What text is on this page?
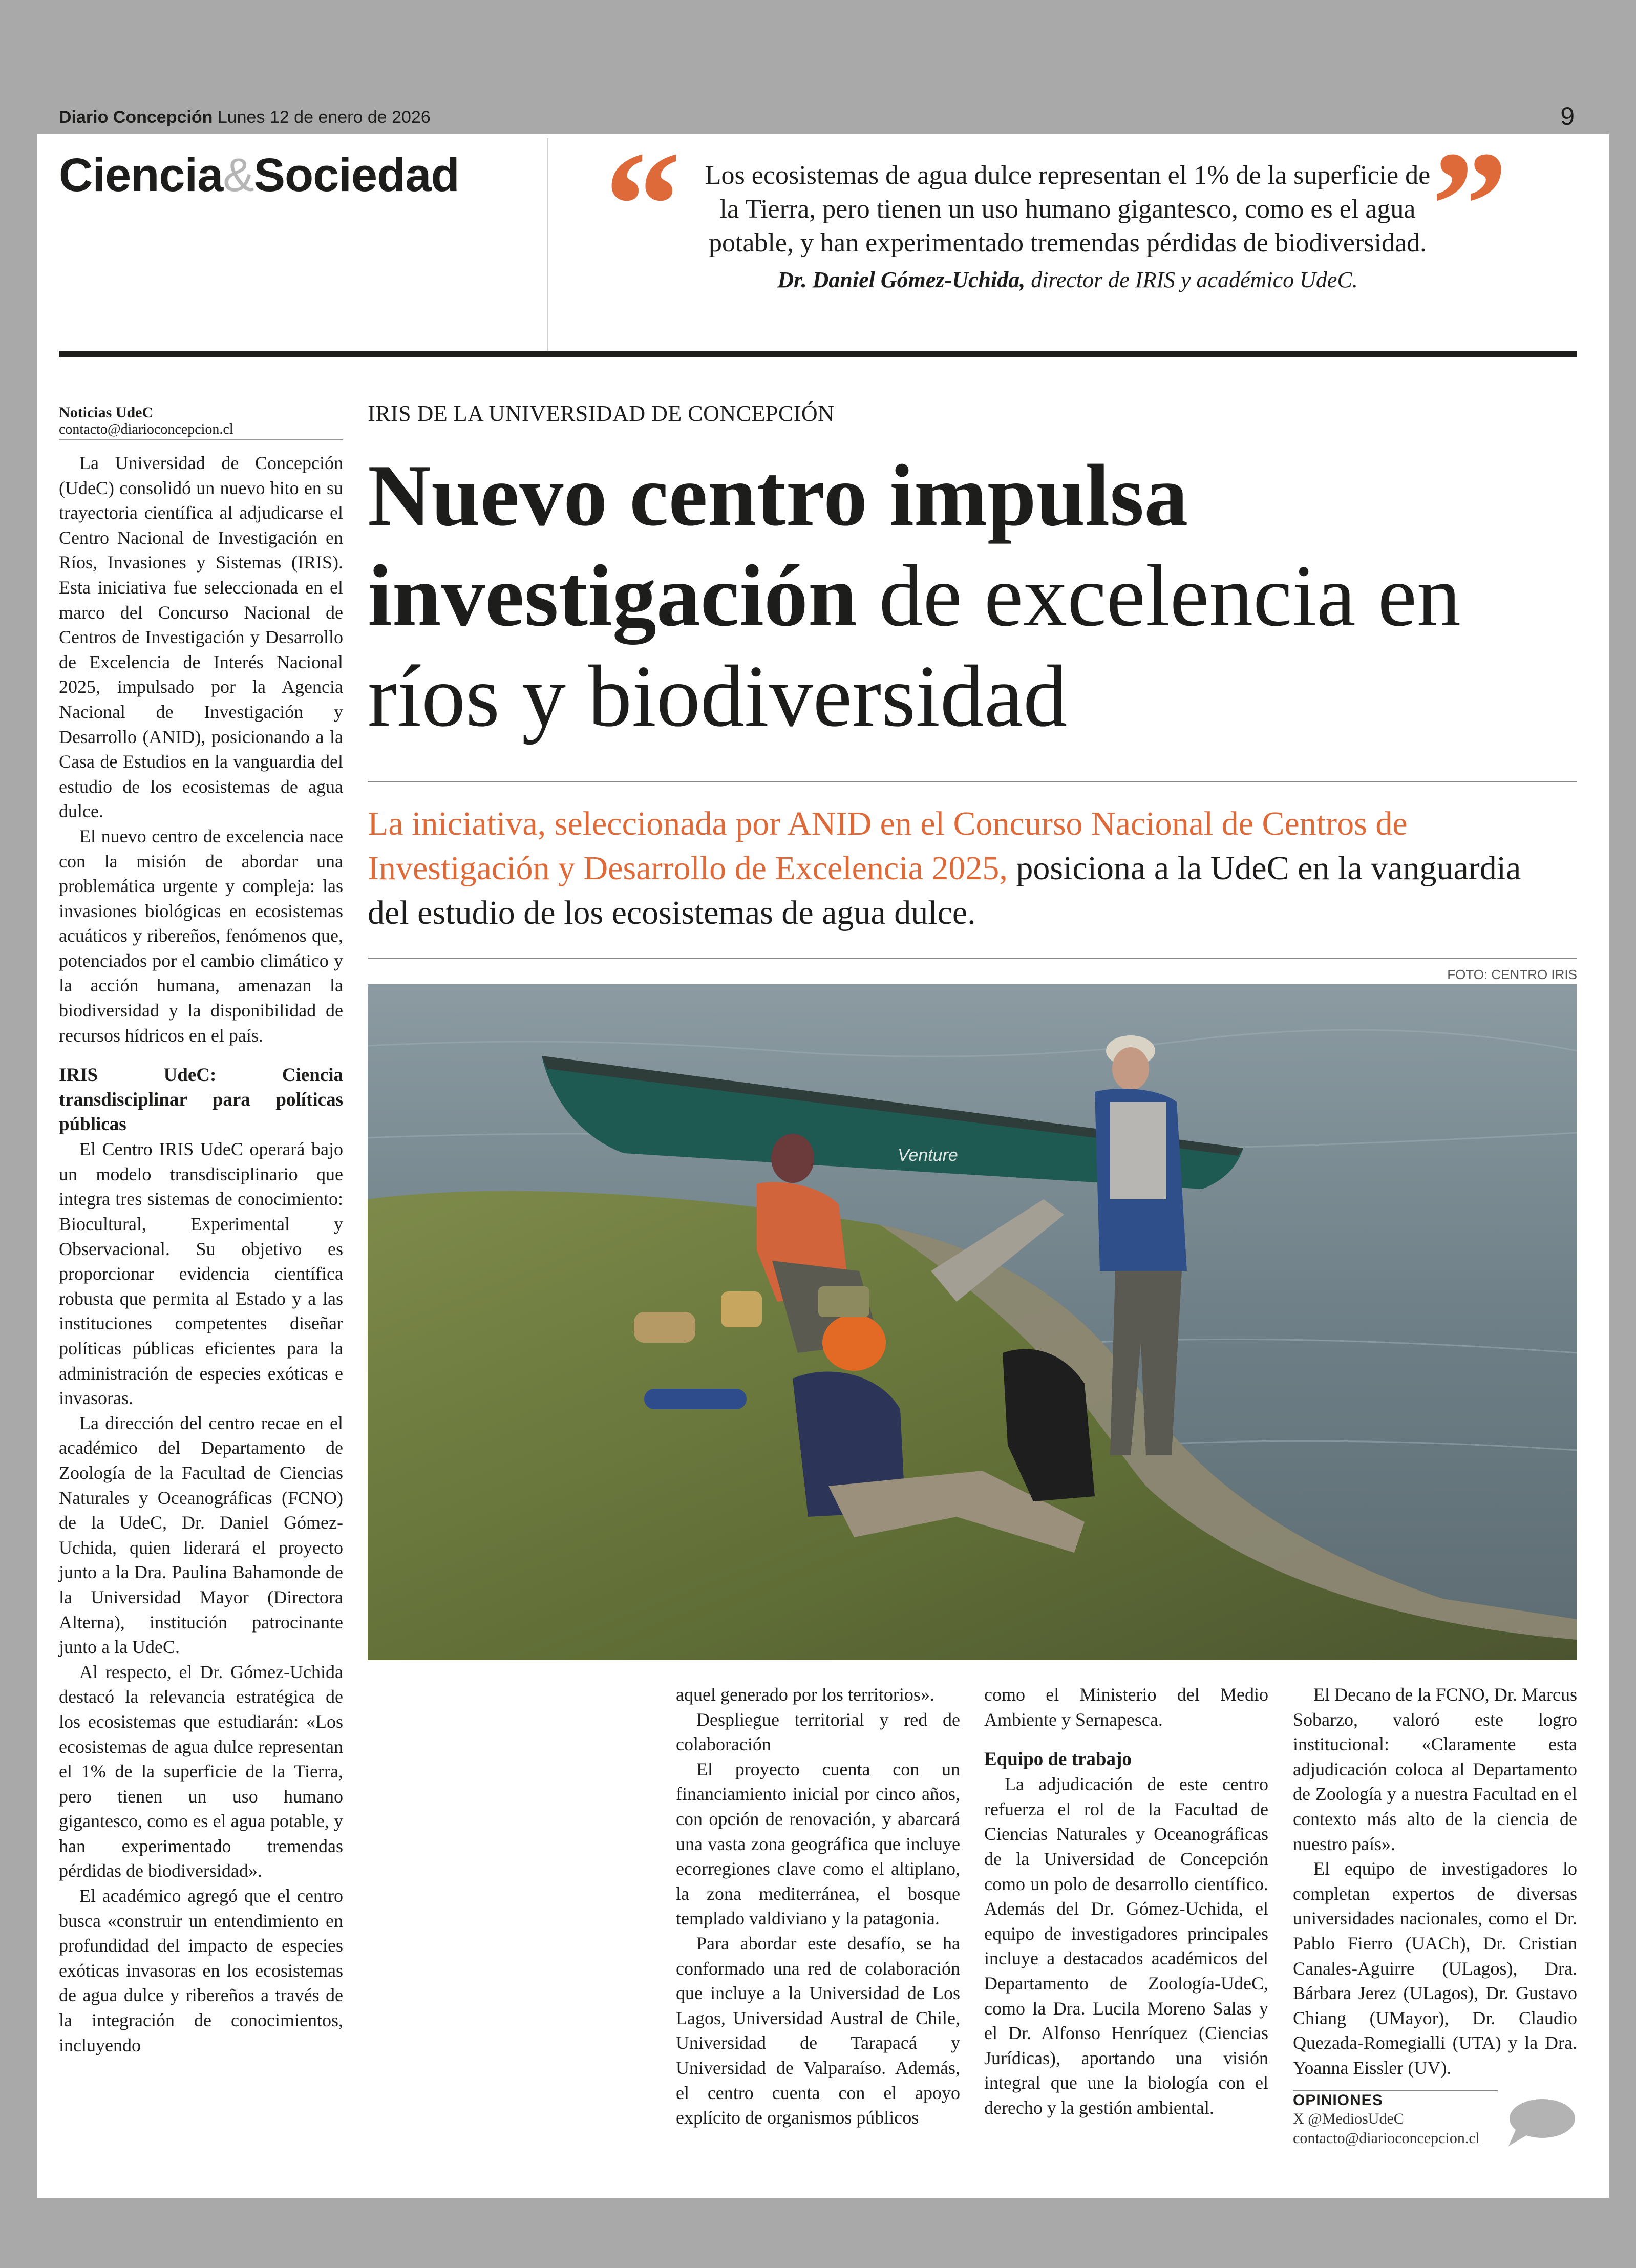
Diario Concepción Lunes 12 de enero de 2026	9
Ciencia&Sociedad “	”
Los ecosistemas de agua dulce representan el 1% de la superficie de la Tierra, pero tienen un uso humano gigantesco, como es el agua potable, y han experimentado tremendas pérdidas de biodiversidad.
Dr. Daniel Gómez-Uchida, director de IRIS y académico UdeC.
Noticias UdeC
contacto@diarioconcepcion.cl

La Universidad de Concepción (UdeC) consolidó un nuevo hito en su trayectoria científica al adjudicarse el Centro Nacional de Investigación en Ríos, Invasiones y Sistemas (IRIS). Esta iniciativa fue seleccionada en el marco del Concurso Nacional de Centros de Investigación y Desarrollo de Excelencia de Interés Nacional 2025, impulsado por la Agencia Nacional de Investigación y Desarrollo (ANID), posicionando a la Casa de Estudios en la vanguardia del estudio de los ecosistemas de agua dulce.

El nuevo centro de excelencia nace con la misión de abordar una problemática urgente y compleja: las invasiones biológicas en ecosistemas acuáticos y ribereños, fenómenos que, potenciados por el cambio climático y la acción humana, amenazan la biodiversidad y la disponibilidad de recursos hídricos en el país.

IRIS UdeC: Ciencia transdisciplinar para políticas públicas

El Centro IRIS UdeC operará bajo un modelo transdisciplinario que integra tres sistemas de conocimiento: Biocultural, Experimental y Observacional. Su objetivo es proporcionar evidencia científica robusta que permita al Estado y a las instituciones competentes diseñar políticas públicas eficientes para la administración de especies exóticas e invasoras.

La dirección del centro recae en el académico del Departamento de Zoología de la Facultad de Ciencias Naturales y Oceanográficas (FCNO) de la UdeC, Dr. Daniel Gómez-Uchida, quien liderará el proyecto junto a la Dra. Paulina Bahamonde de la Universidad Mayor (Directora Alterna), institución patrocinante junto a la UdeC.

Al respecto, el Dr. Gómez-Uchida destacó la relevancia estratégica de los ecosistemas que estudiarán: «Los ecosistemas de agua dulce representan el 1% de la superficie de la Tierra, pero tienen un uso humano gigantesco, como es el agua potable, y han experimentado tremendas pérdidas de biodiversidad».

El académico agregó que el centro busca «construir un entendimiento en profundidad del impacto de especies exóticas invasoras en los ecosistemas de agua dulce y ribereños a través de la integración de conocimientos, incluyendo

IRIS DE LA UNIVERSIDAD DE CONCEPCIÓN
Nuevo centro impulsa investigación de excelencia en ríos y biodiversidad
La iniciativa, seleccionada por ANID en el Concurso Nacional de Centros de Investigación y Desarrollo de Excelencia 2025, posiciona a la UdeC en la vanguardia del estudio de los ecosistemas de agua dulce.
FOTO: CENTRO IRIS
Venture

aquel generado por los territorios».

Despliegue territorial y red de colaboración

El proyecto cuenta con un financiamiento inicial por cinco años, con opción de renovación, y abarcará una vasta zona geográfica que incluye ecorregiones clave como el altiplano, la zona mediterránea, el bosque templado valdiviano y la patagonia.

Para abordar este desafío, se ha conformado una red de colaboración que incluye a la Universidad de Los Lagos, Universidad Austral de Chile, Universidad de Tarapacá y Universidad de Valparaíso. Además, el centro cuenta con el apoyo explícito de organismos públicos

como el Ministerio del Medio Ambiente y Sernapesca.

Equipo de trabajo

La adjudicación de este centro refuerza el rol de la Facultad de Ciencias Naturales y Oceanográficas de la Universidad de Concepción como un polo de desarrollo científico. Además del Dr. Gómez-Uchida, el equipo de investigadores principales incluye a destacados académicos del Departamento de Zoología-UdeC, como la Dra. Lucila Moreno Salas y el Dr. Alfonso Henríquez (Ciencias Jurídicas), aportando una visión integral que une la biología con el derecho y la gestión ambiental.

El Decano de la FCNO, Dr. Marcus Sobarzo, valoró este logro institucional: «Claramente esta adjudicación coloca al Departamento de Zoología y a nuestra Facultad en el contexto más alto de la ciencia de nuestro país».

El equipo de investigadores lo completan expertos de diversas universidades nacionales, como el Dr. Pablo Fierro (UACh), Dr. Cristian Canales-Aguirre (ULagos), Dra. Bárbara Jerez (ULagos), Dr. Gustavo Chiang (UMayor), Dr. Claudio Quezada-Romegialli (UTA) y la Dra. Yoanna Eissler (UV).

OPINIONES
X @MediosUdeC
contacto@diarioconcepcion.cl
